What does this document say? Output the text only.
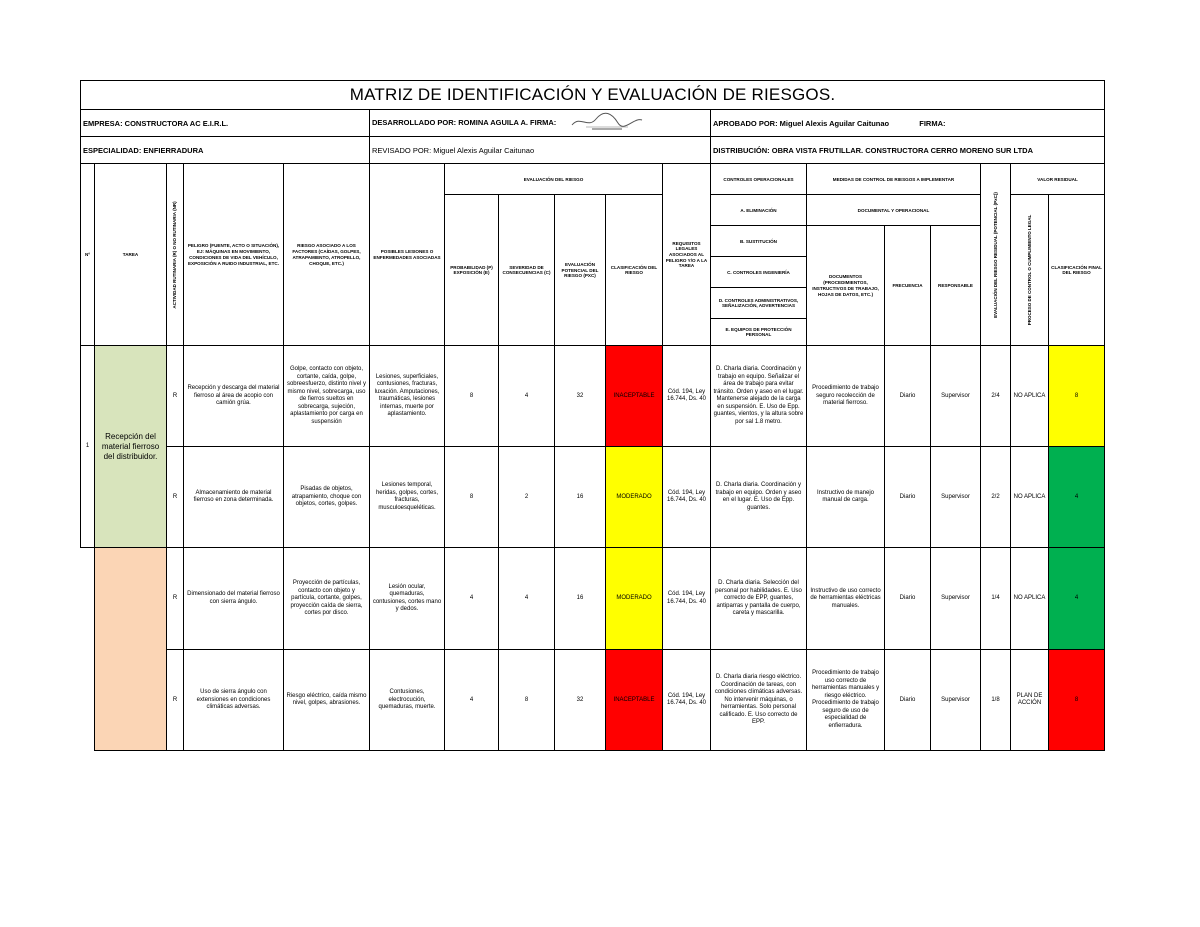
MATRIZ DE IDENTIFICACIÓN Y EVALUACIÓN DE RIESGOS.																	
EMPRESA: CONSTRUCTORA AC E.I.R.L.					DESARROLLADO POR: ROMINA AGUILA A. FIRMA:						APROBADO POR: Miguel Alexis Aguilar Caitunao FIRMA:						
ESPECIALIDAD: ENFIERRADURA					REVISADO POR: Miguel Alexis Aguilar Caitunao						DISTRIBUCIÓN: OBRA VISTA FRUTILLAR. CONSTRUCTORA CERRO MORENO SUR LTDA						
Nº	TAREA	ACTIVIDAD RUTINARIA (R) O NO RUTINARIA (NR)	PELIGRO (FUENTE, ACTO O SITUACIÓN), EJ: MÁQUINAS EN MOVIMIENTO, CONDICIONES DE VIDA DEL VEHÍCULO, EXPOSICIÓN A RUIDO INDUSTRIAL, ETC.	RIESGO ASOCIADO A LOS FACTORES (CAÍDAS, GOLPES, ATRAPAMIENTO, ATROPELLO, CHOQUE, ETC.)	POSIBLES LESIONES O ENFERMEDADES ASOCIADAS	EVALUACIÓN DEL RIESGO				REQUISITOS LEGALES ASOCIADOS AL PELIGRO Y/O A LA TAREA	CONTROLES OPERACIONALES	MEDIDAS DE CONTROL DE RIESGOS A IMPLEMENTAR			EVALUACIÓN DEL RIESGO RESIDUAL (POTENCIAL (PxC))	VALOR RESIDUAL	
						PROBABILIDAD (P) EXPOSICIÓN (E)	SEVERIDAD DE CONSECUENCIAS (C)	EVALUACIÓN POTENCIAL DEL RIESGO (PXC)	CLASIFICACIÓN DEL RIESGO		A. ELIMINACIÓN	DOCUMENTAL Y OPERACIONAL				PROCESO DE CONTROL O CUMPLIMIENTO LEGAL	CLASIFICACIÓN FINAL DEL RIESGO
											B. SUSTITUCIÓN	DOCUMENTOS (PROCEDIMIENTOS, INSTRUCTIVOS DE TRABAJO, HOJAS DE DATOS, ETC.)	FRECUENCIA	RESPONSABLE			
											C. CONTROLES INGENIERÍA						
											D. CONTROLES ADMINISTRATIVOS, SEÑALIZACIÓN, ADVERTENCIAS						
											E. EQUIPOS DE PROTECCIÓN PERSONAL						
1	Recepción del material fierroso del distribuidor.	R	Recepción y descarga del material fierroso al área de acopio con camión grúa.	Golpe, contacto con objeto, cortante, caída, golpe, sobreesfuerzo, distinto nivel y mismo nivel, sobrecarga, uso de fierros sueltos en sobrecarga, sujeción, aplastamiento por carga en suspensión	Lesiones, superficiales, contusiones, fracturas, luxación. Amputaciones, traumáticas, lesiones internas, muerte por aplastamiento.	8	4	32	INACEPTABLE	Cód. 194, Ley 16.744, Ds. 40	D. Charla diaria. Coordinación y trabajo en equipo. Señalizar el área de trabajo para evitar tránsito. Orden y aseo en el lugar. Mantenerse alejado de la carga en suspensión. E. Uso de Epp. guantes, vientos, y la altura sobre por sal 1.8 metro.	Procedimiento de trabajo seguro recolección de material fierroso.	Diario	Supervisor	2/4	NO APLICA	8
		R	Almacenamiento de material fierroso en zona determinada.	Pisadas de objetos, atrapamiento, choque con objetos, cortes, golpes.	Lesiones temporal, heridas, golpes, cortes, fracturas, musculoesqueléticas.	8	2	16	MODERADO	Cód. 194, Ley 16.744, Ds. 40	D. Charla diaria. Coordinación y trabajo en equipo. Orden y aseo en el lugar. E. Uso de Epp. guantes.	Instructivo de manejo manual de carga.	Diario	Supervisor	2/2	NO APLICA	4
		R	Dimensionado del material fierroso con sierra ángulo.	Proyección de partículas, contacto con objeto y partícula, cortante, golpes, proyección caída de sierra, cortes por disco.	Lesión ocular, quemaduras, contusiones, cortes mano y dedos.	4	4	16	MODERADO	Cód. 194, Ley 16.744, Ds. 40	D. Charla diaria. Selección del personal por habilidades. E. Uso correcto de EPP, guantes, antiparras y pantalla de cuerpo, careta y mascarilla.	Instructivo de uso correcto de herramientas eléctricas manuales.	Diario	Supervisor	1/4	NO APLICA	4
		R	Uso de sierra ángulo con extensiones en condiciones climáticas adversas.	Riesgo eléctrico, caída mismo nivel, golpes, abrasiones.	Contusiones, electrocución, quemaduras, muerte.	4	8	32	INACEPTABLE	Cód. 194, Ley 16.744, Ds. 40	D. Charla diaria riesgo eléctrico. Coordinación de tareas, con condiciones climáticas adversas. No intervenir máquinas, o herramientas. Solo personal calificado. E. Uso correcto de EPP.	Procedimiento de trabajo uso correcto de herramientas manuales y riesgo eléctrico. Procedimiento de trabajo seguro de uso de especialidad de enfierradura.	Diario	Supervisor	1/8	PLAN DE ACCIÓN	8
